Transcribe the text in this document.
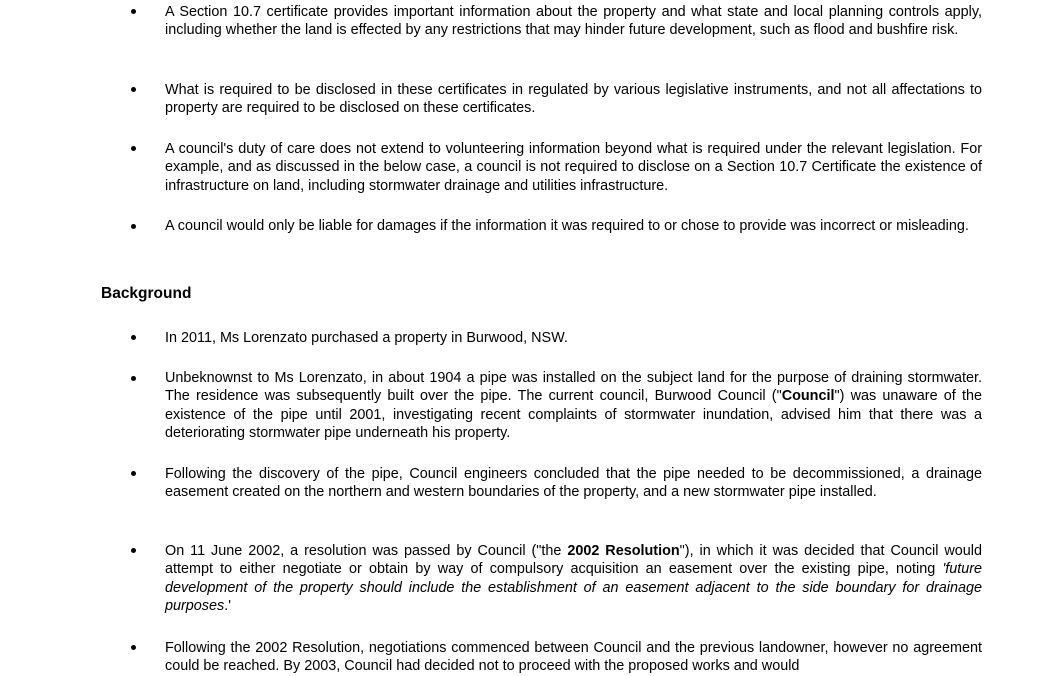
A Section 10.7 certificate provides important information about the property and what state and local planning controls apply, including whether the land is effected by any restrictions that may hinder future development, such as flood and bushfire risk.
What is required to be disclosed in these certificates in regulated by various legislative instruments, and not all affectations to property are required to be disclosed on these certificates.
A council's duty of care does not extend to volunteering information beyond what is required under the relevant legislation. For example, and as discussed in the below case, a council is not required to disclose on a Section 10.7 Certificate the existence of infrastructure on land, including stormwater drainage and utilities infrastructure.
A council would only be liable for damages if the information it was required to or chose to provide was incorrect or misleading.
Background
In 2011, Ms Lorenzato purchased a property in Burwood, NSW.
Unbeknownst to Ms Lorenzato, in about 1904 a pipe was installed on the subject land for the purpose of draining stormwater. The residence was subsequently built over the pipe. The current council, Burwood Council ("Council") was unaware of the existence of the pipe until 2001, investigating recent complaints of stormwater inundation, advised him that there was a deteriorating stormwater pipe underneath his property.
Following the discovery of the pipe, Council engineers concluded that the pipe needed to be decommissioned, a drainage easement created on the northern and western boundaries of the property, and a new stormwater pipe installed.
On 11 June 2002, a resolution was passed by Council ("the 2002 Resolution"), in which it was decided that Council would attempt to either negotiate or obtain by way of compulsory acquisition an easement over the existing pipe, noting 'future development of the property should include the establishment of an easement adjacent to the side boundary for drainage purposes.'
Following the 2002 Resolution, negotiations commenced between Council and the previous landowner, however no agreement could be reached. By 2003, Council had decided not to proceed with the proposed works and would
